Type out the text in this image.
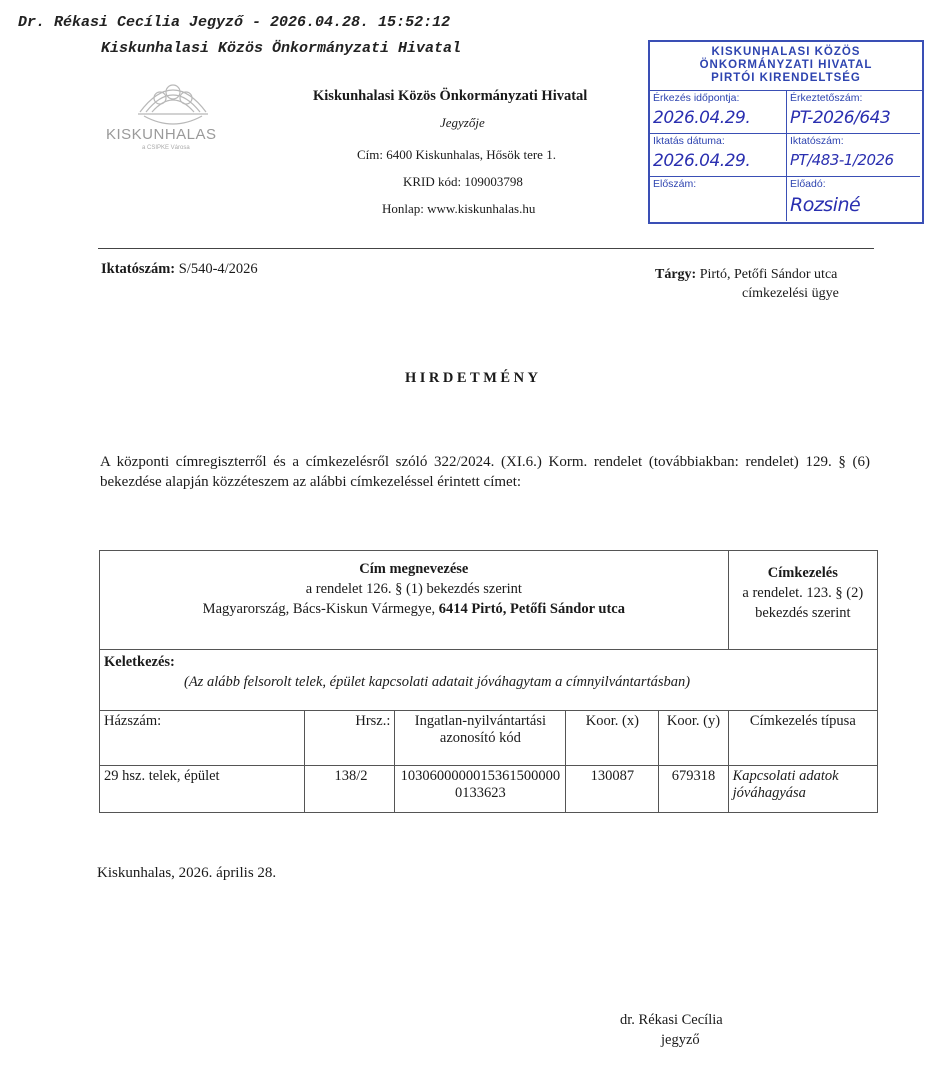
Dr. Rékasi Cecília Jegyző - 2026.04.28. 15:52:12
Kiskunhalasi Közös Önkormányzati Hivatal
KISKUNHALAS
a CSIPKE Városa
Kiskunhalasi Közös Önkormányzati Hivatal
Jegyzője
Cím: 6400 Kiskunhalas, Hősök tere 1.
KRID kód: 109003798
Honlap: www.kiskunhalas.hu
KISKUNHALASI KÖZÖS
ÖNKORMÁNYZATI HIVATAL
PIRTÓI KIRENDELTSÉG
Érkezés időpontja:
2026.04.29.
Érkeztetőszám:
PT-2026/643
Iktatás dátuma:
2026.04.29.
Iktatószám:
PT/483-1/2026
Előszám:	Előadó:
Rozsiné
Iktatószám: S/540-4/2026	Tárgy: Pirtó, Petőfi Sándor utca
címkezelési ügye
HIRDETMÉNY
A központi címregiszterről és a címkezelésről szóló 322/2024. (XI.6.) Korm. rendelet (továbbiakban: rendelet) 129. § (6) bekezdése alapján közzéteszem az alábbi címkezeléssel érintett címet:
Cím megnevezése
a rendelet 126. § (1) bekezdés szerint
Magyarország, Bács-Kiskun Vármegye, 6414 Pirtó, Petőfi Sándor utca					Címkezelés
a rendelet. 123. § (2) bekezdés szerint
Keletkezés:
(Az alább felsorolt telek, épület kapcsolati adatait jóváhagytam a címnyilvántartásban)					
Házszám:	Hrsz.:	Ingatlan-nyilvántartási azonosító kód	Koor. (x)	Koor. (y)	Címkezelés típusa
29 hsz. telek, épület	138/2	10306000000153615000000133623	130087	679318	Kapcsolati adatok jóváhagyása
Kiskunhalas, 2026. április 28.
dr. Rékasi Cecília
jegyző
